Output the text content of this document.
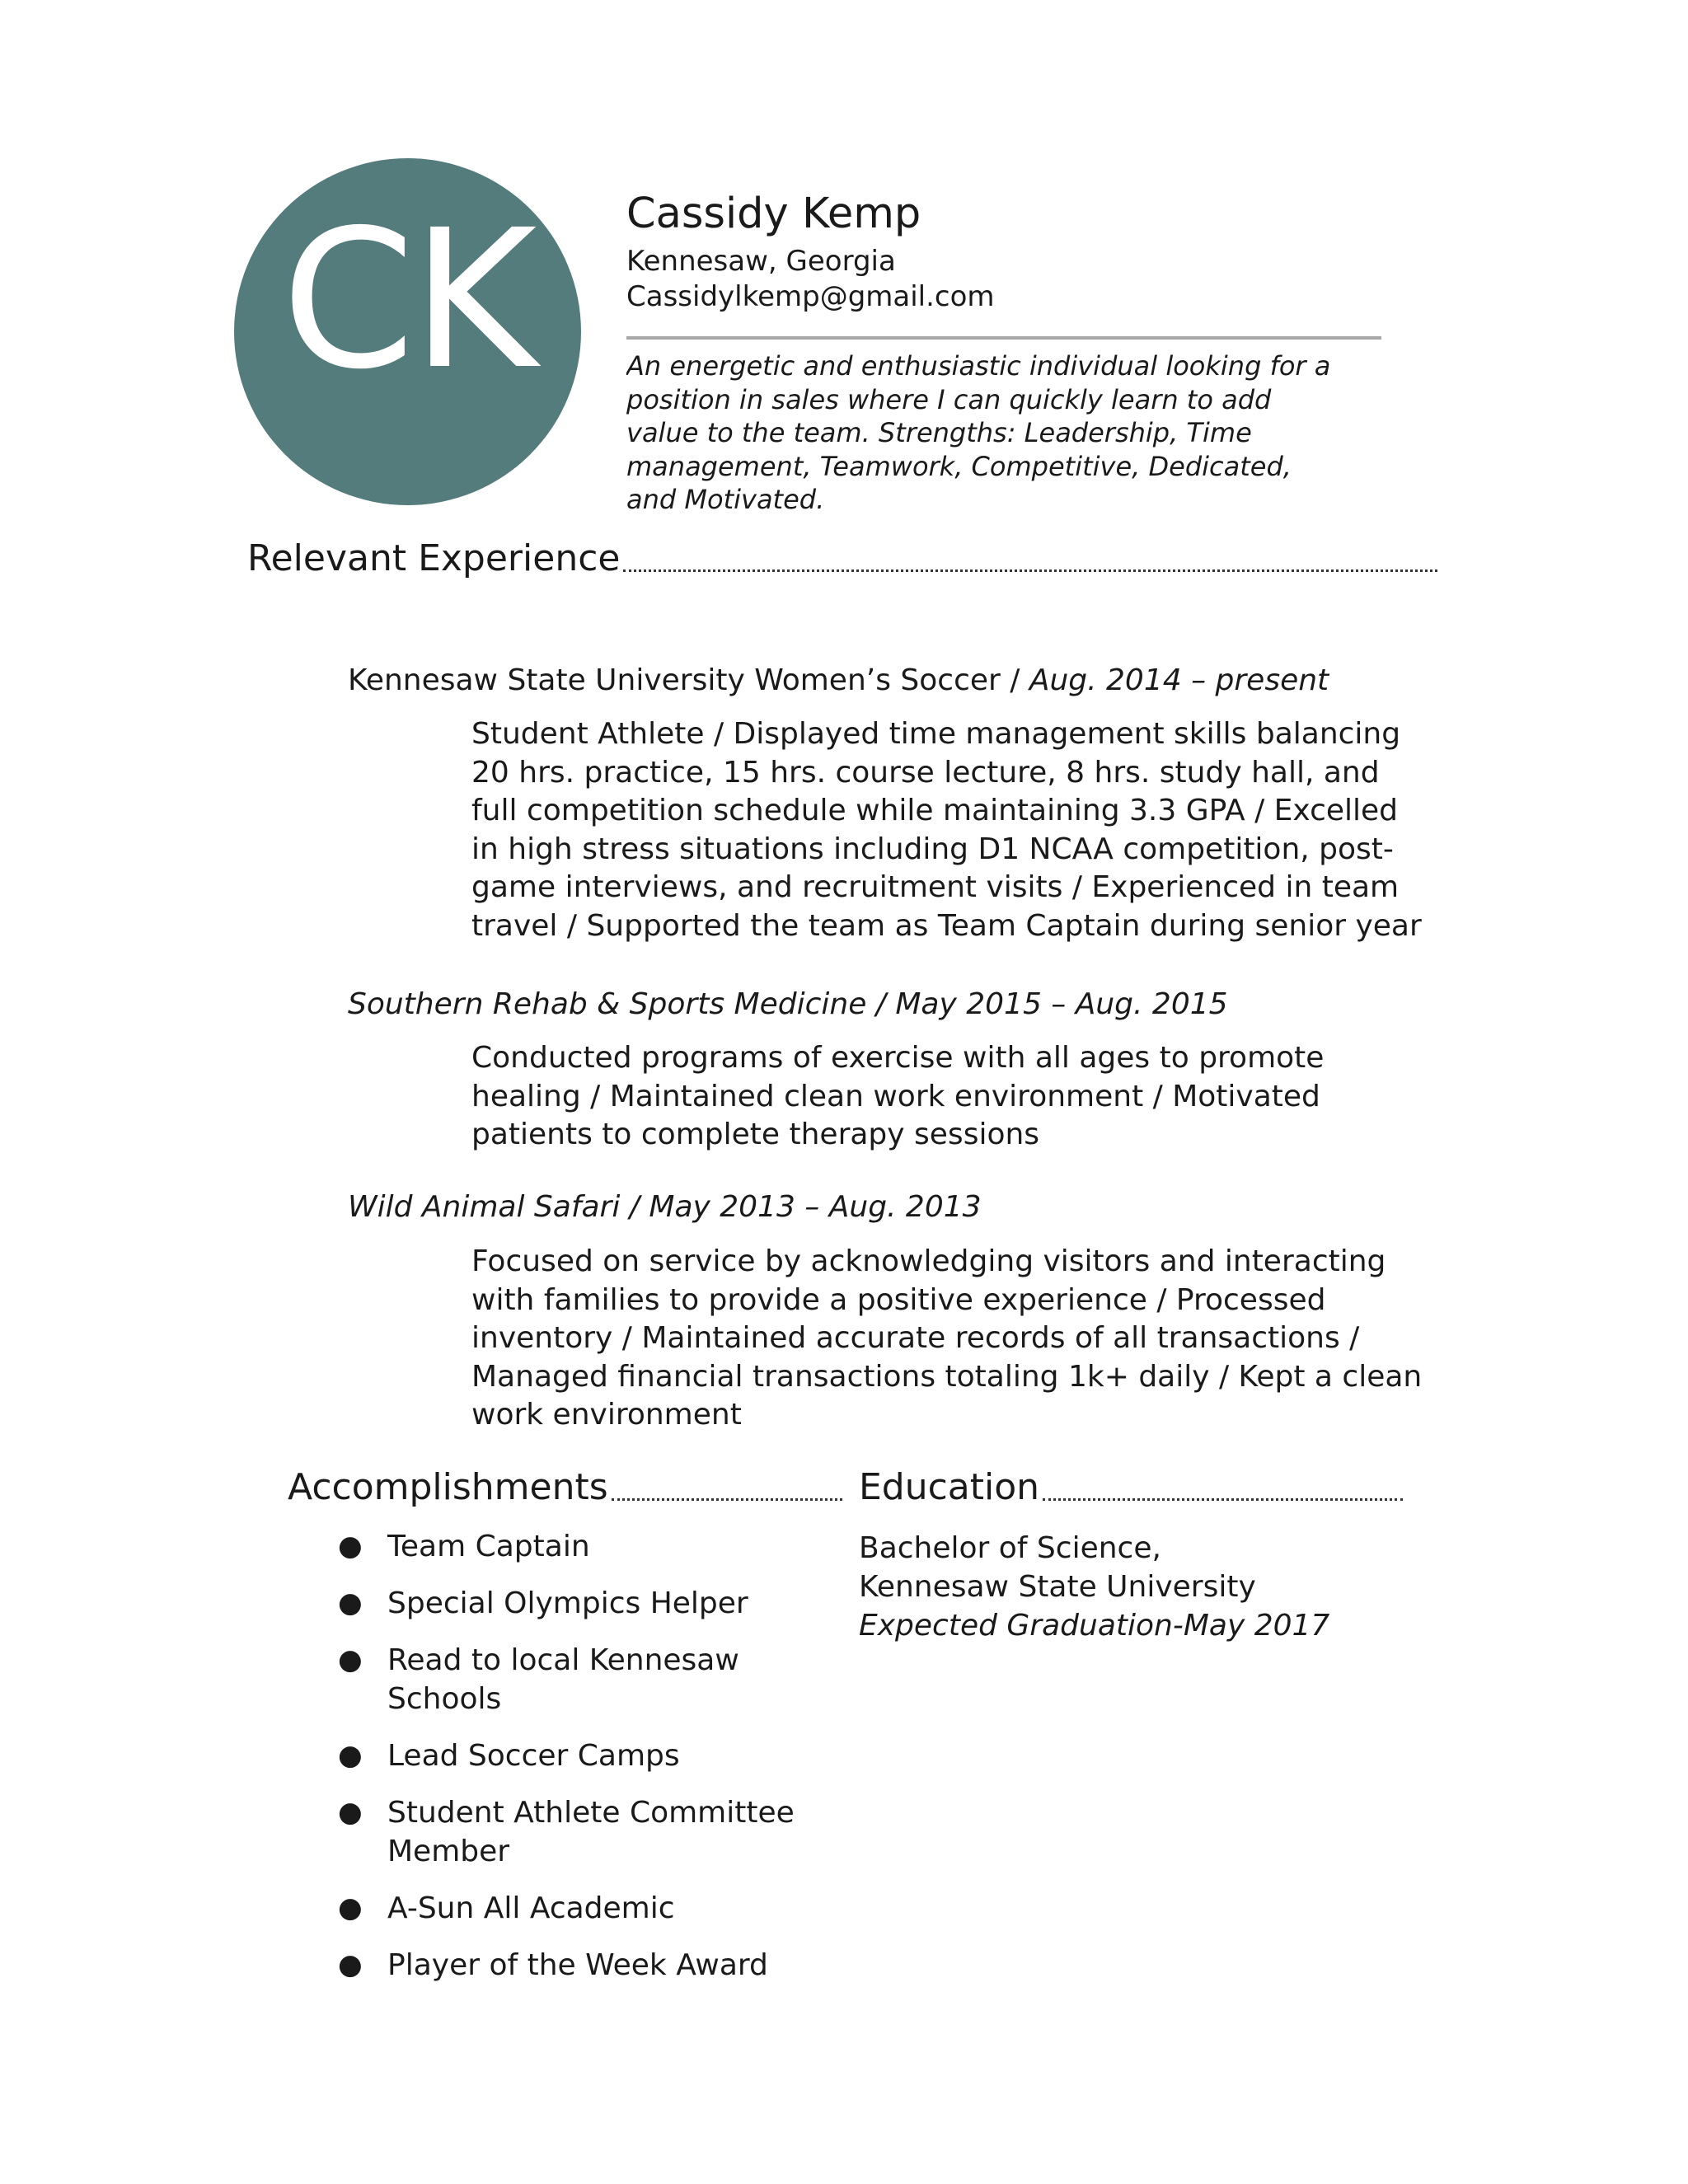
CK	Cassidy Kemp
Kennesaw, Georgia
Cassidylkemp@gmail.com

An energetic and enthusiastic individual looking for a
position in sales where I can quickly learn to add
value to the team. Strengths: Leadership, Time
management, Teamwork, Competitive, Dedicated,
and Motivated.

Relevant Experience
Kennesaw State University Women’s Soccer / Aug. 2014 – present
Student Athlete / Displayed time management skills balancing
20 hrs. practice, 15 hrs. course lecture, 8 hrs. study hall, and
full competition schedule while maintaining 3.3 GPA / Excelled
in high stress situations including D1 NCAA competition, post-
game interviews, and recruitment visits / Experienced in team
travel / Supported the team as Team Captain during senior year
Southern Rehab & Sports Medicine / May 2015 – Aug. 2015
Conducted programs of exercise with all ages to promote
healing / Maintained clean work environment / Motivated
patients to complete therapy sessions
Wild Animal Safari / May 2013 – Aug. 2013
Focused on service by acknowledging visitors and interacting
with families to provide a positive experience / Processed
inventory / Maintained accurate records of all transactions /
Managed financial transactions totaling 1k+ daily / Kept a clean
work environment
Accomplishments
● Team Captain
● Special Olympics Helper
● Read to local Kennesaw
Schools
● Lead Soccer Camps
● Student Athlete Committee
Member
● A-Sun All Academic
● Player of the Week Award
Education
Bachelor of Science,
Kennesaw State University
Expected Graduation-May 2017
